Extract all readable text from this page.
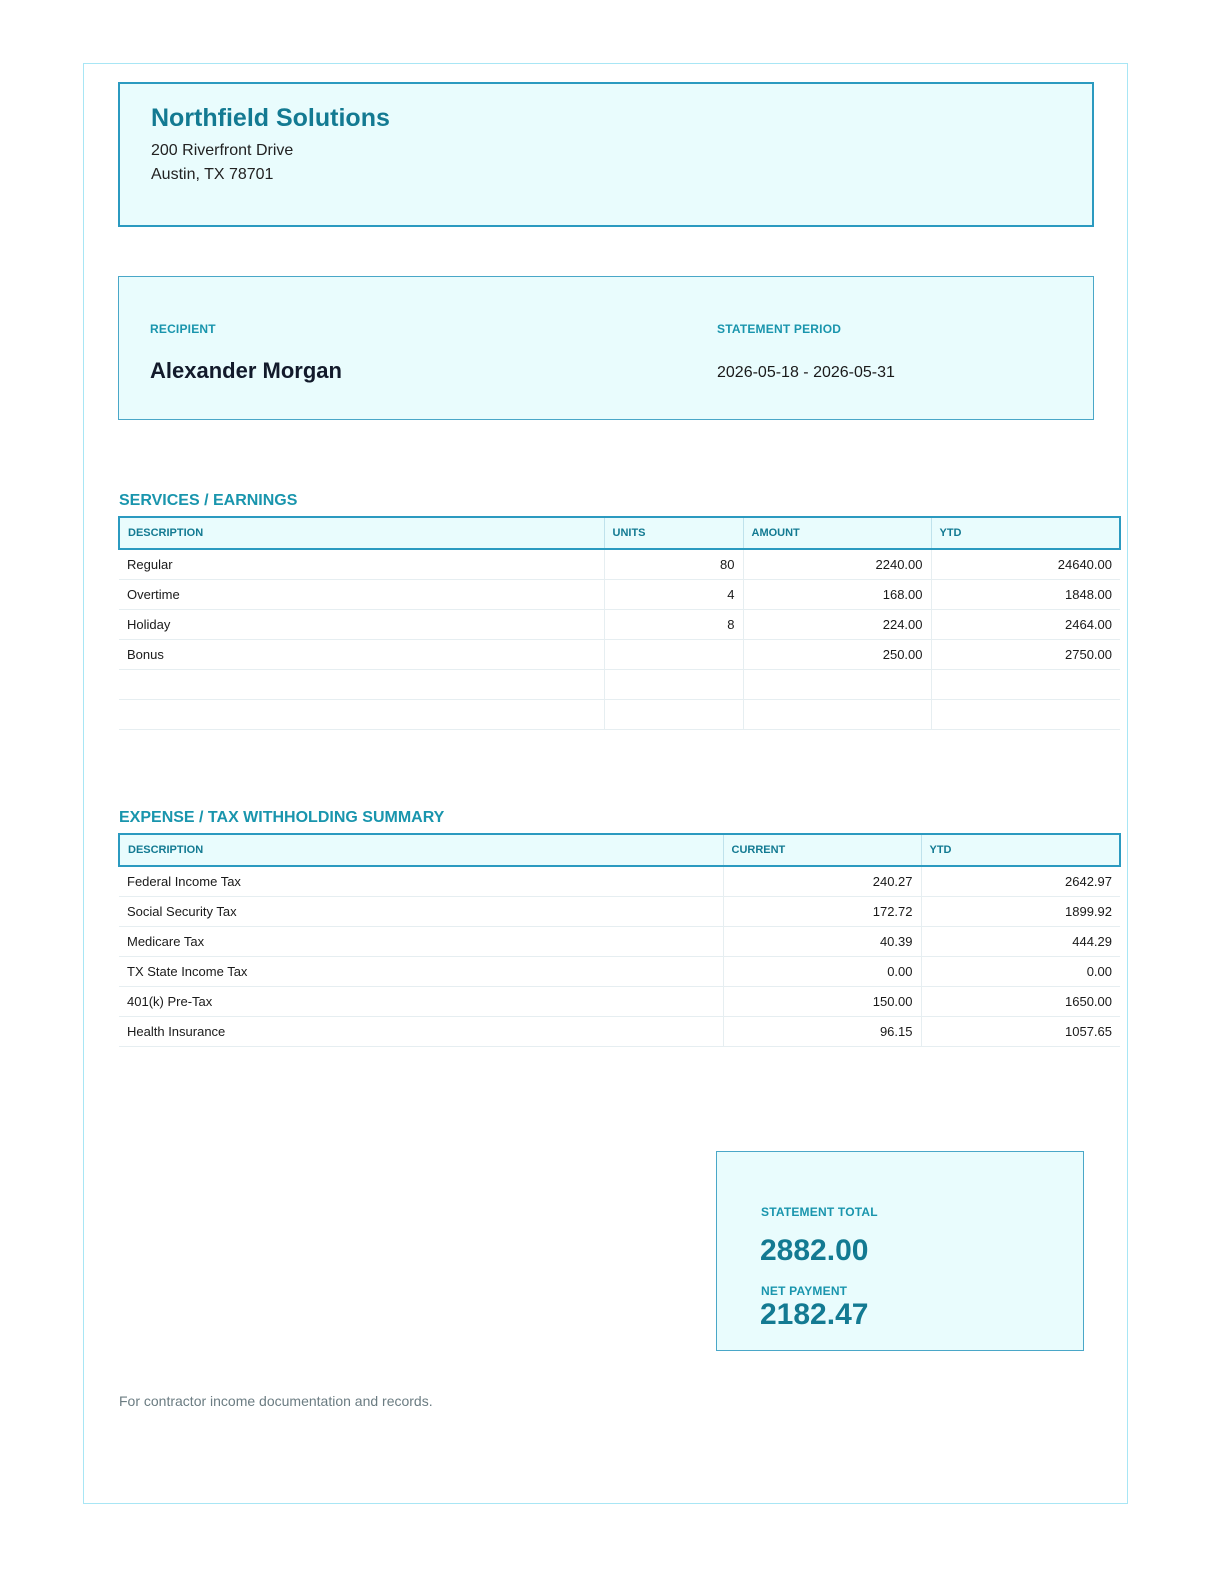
Northfield Solutions
200 Riverfront Drive
Austin, TX 78701
RECIPIENT
Alexander Morgan
STATEMENT PERIOD
2026-05-18 - 2026-05-31
SERVICES / EARNINGS
DESCRIPTION	UNITS	AMOUNT	YTD
Regular	80	2240.00	24640.00
Overtime	4	168.00	1848.00
Holiday	8	224.00	2464.00
Bonus		250.00	2750.00

EXPENSE / TAX WITHHOLDING SUMMARY
DESCRIPTION	CURRENT	YTD
Federal Income Tax	240.27	2642.97
Social Security Tax	172.72	1899.92
Medicare Tax	40.39	444.29
TX State Income Tax	0.00	0.00
401(k) Pre-Tax	150.00	1650.00
Health Insurance	96.15	1057.65
STATEMENT TOTAL
2882.00
NET PAYMENT
2182.47
For contractor income documentation and records.
